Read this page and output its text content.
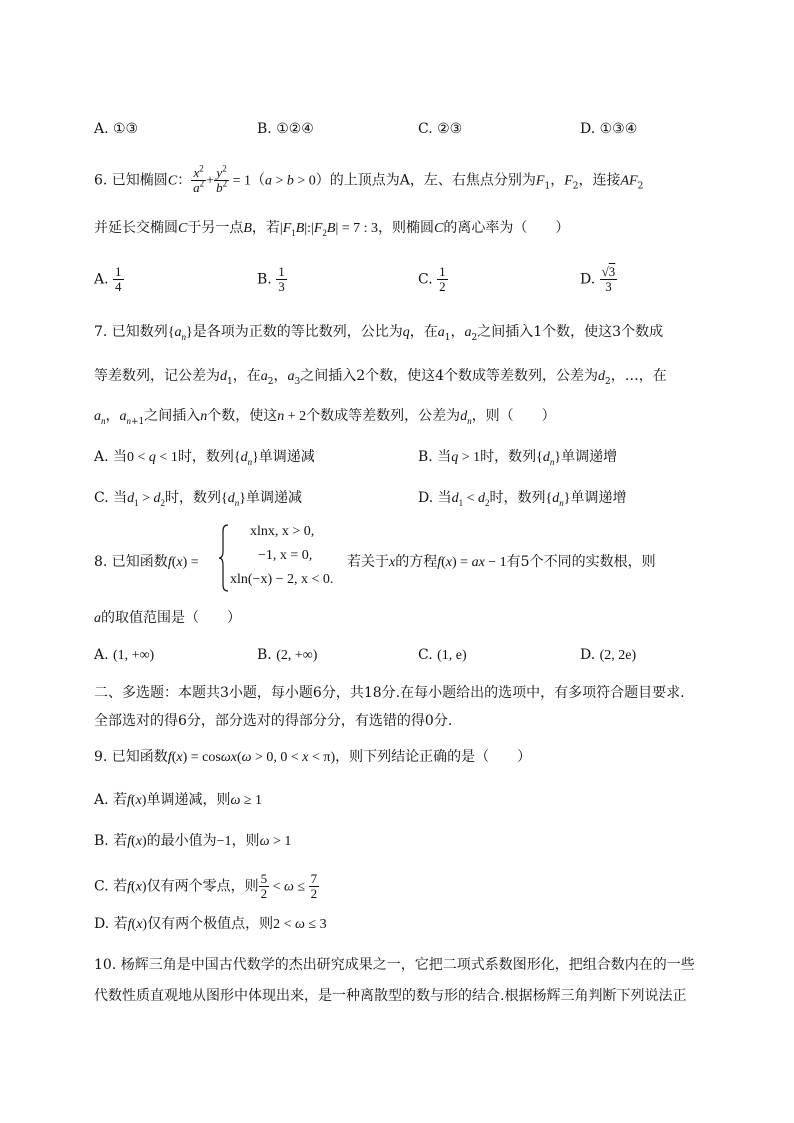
A. ①③	B. ①②④	C. ②③	D. ①③④
6. 已知椭圆C： $\frac{x^2}{a^2} + \frac{y^2}{b^2} = 1(a > b > 0)$的上顶点为A，左、右焦点分别为$F_1$，$F_2$，连接$AF_2$
并延长交椭圆C于另一点B，若$|F_1B|:|F_2B| = 7$ : 3，则椭圆C的离心率为（　　）
A. $\frac{1}{4}$	B. $\frac{1}{3}$	C. $\frac{1}{2}$	D. $\frac{√3}{3}$
7. 已知数列$\{a_n\}$是各项为正数的等比数列，公比为q，在$a_1$，$a_2$之间插入1个数，使这3个数成
等差数列，记公差为$d_1$，在$a_2$，$a_3$之间插入2个数，使这4个数成等差数列，公差为$d_2$，…，在
$a_n$，$a_{n+1}$之间插入n个数，使这n + 2个数成等差数列，公差为$d_n$，则（　　）
A. 当0 < q < 1时，数列$\{d_n\}$单调递减	B. 当q > 1时，数列$\{d_n\}$单调递增
C. 当$d_1 > d_2$时，数列$\{d_n\}$单调递减	D. 当$d_1 < d_2$时，数列$\{d_n\}$单调递增
8. 已知函数f(x) =
xlnx, x > 0,
−1, x = 0,
xln(−x) − 2, x < 0.
若关于x的方程f(x) = ax − 1有5个不同的实数根，则
a的取值范围是（　　）
A. (1, +∞)	B. (2, +∞)	C. (1, e)	D. (2, 2e)
二、多选题：本题共3小题，每小题6分，共18分.在每小题给出的选项中，有多项符合题目要求.
全部选对的得6分，部分选对的得部分分，有选错的得0分.
9. 已知函数f(x) = cosωx(ω > 0, 0 < x < π)，则下列结论正确的是（　　）
A. 若f(x)单调递减，则ω ≥ 1
B. 若f(x)的最小值为−1，则ω > 1
C. 若f(x)仅有两个零点，则 $\frac{5}{2} < \omega \le \frac{7}{2}$
D. 若f(x)仅有两个极值点，则2 < ω ≤ 3
10. 杨辉三角是中国古代数学的杰出研究成果之一，它把二项式系数图形化，把组合数内在的一些
代数性质直观地从图形中体现出来，是一种离散型的数与形的结合.根据杨辉三角判断下列说法正
